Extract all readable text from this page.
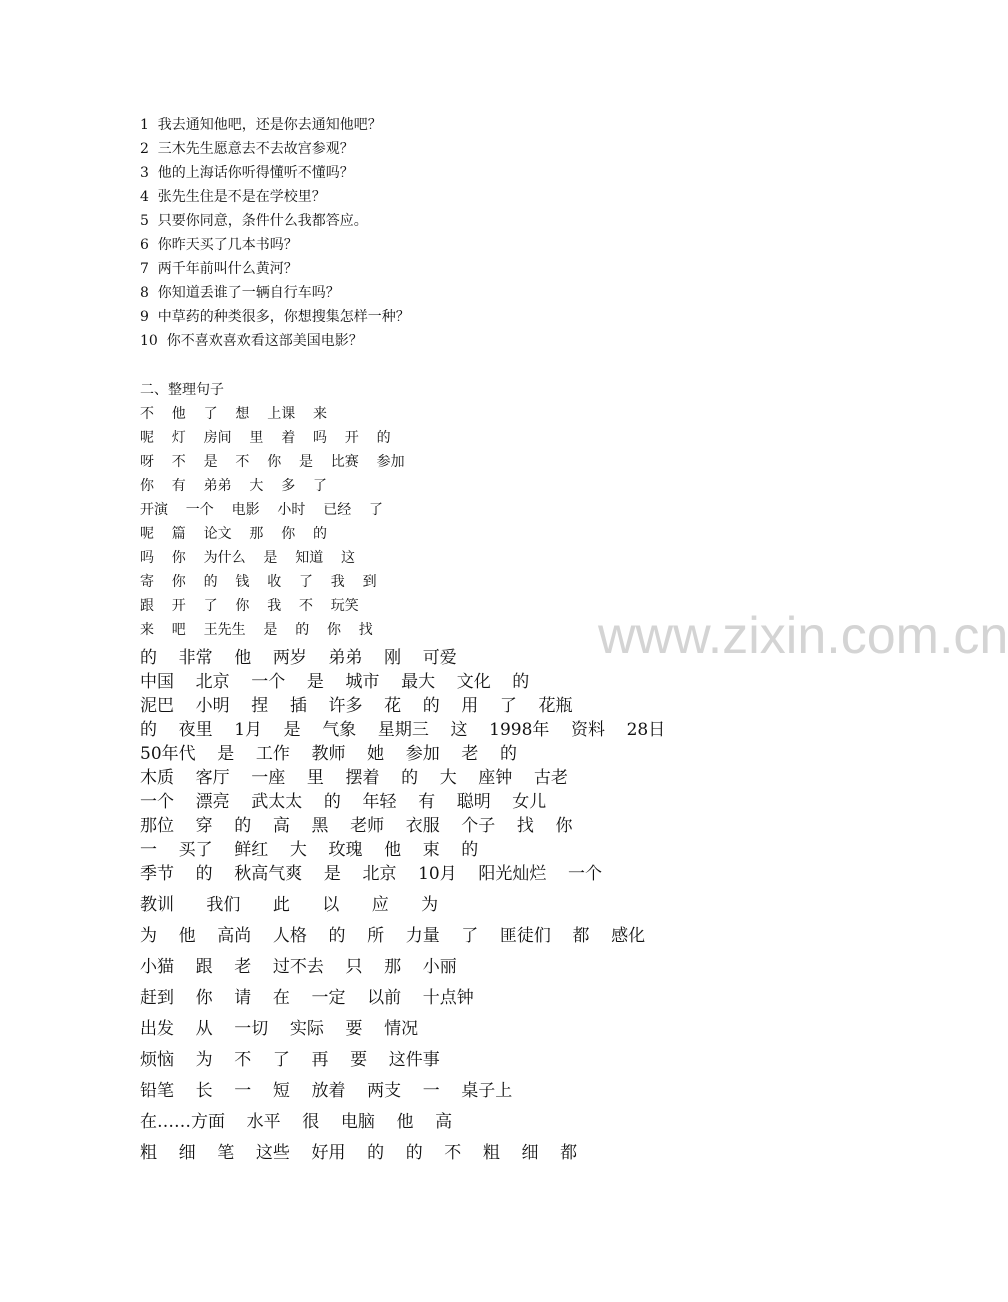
1  我去通知他吧，还是你去通知他吧？
2  三木先生愿意去不去故宫参观？
3  他的上海话你听得懂听不懂吗？
4  张先生住是不是在学校里？
5  只要你同意，条件什么我都答应。
6  你昨天买了几本书吗？
7  两千年前叫什么黄河？
8  你知道丢谁了一辆自行车吗？
9  中草药的种类很多，你想搜集怎样一种？
10  你不喜欢喜欢看这部美国电影？
二、整理句子
不    他    了    想    上课    来
呢    灯    房间    里    着    吗    开    的
呀    不    是    不    你    是    比赛    参加
你    有    弟弟    大    多    了
开演    一个    电影    小时    已经    了
呢    篇    论文    那    你    的
吗    你    为什么    是    知道    这
寄    你    的    钱    收    了    我    到
跟    开    了    你    我    不    玩笑
来    吧    王先生    是    的    你    找
的    非常    他    两岁    弟弟    刚    可爱
中国    北京    一个    是    城市    最大    文化    的
泥巴    小明    捏    插    许多    花    的    用    了    花瓶
的    夜里    1月    是    气象    星期三    这    1998年    资料    28日
50年代    是    工作    教师    她    参加    老    的
木质    客厅    一座    里    摆着    的    大    座钟    古老
一个    漂亮    武太太    的    年轻    有    聪明    女儿
那位    穿    的    高    黑    老师    衣服    个子    找    你
一    买了    鲜红    大    玫瑰    他    束    的
季节    的    秋高气爽    是    北京    10月    阳光灿烂    一个
教训      我们      此      以      应      为
为    他    高尚    人格    的    所    力量    了    匪徒们    都    感化
小猫    跟    老    过不去    只    那    小丽
赶到    你    请    在    一定    以前    十点钟
出发    从    一切    实际    要    情况
烦恼    为    不    了    再    要    这件事
铅笔    长    一    短    放着    两支    一    桌子上
在……方面    水平    很    电脑    他    高
粗    细    笔    这些    好用    的    的    不    粗    细    都
www.zixin.com.cn
